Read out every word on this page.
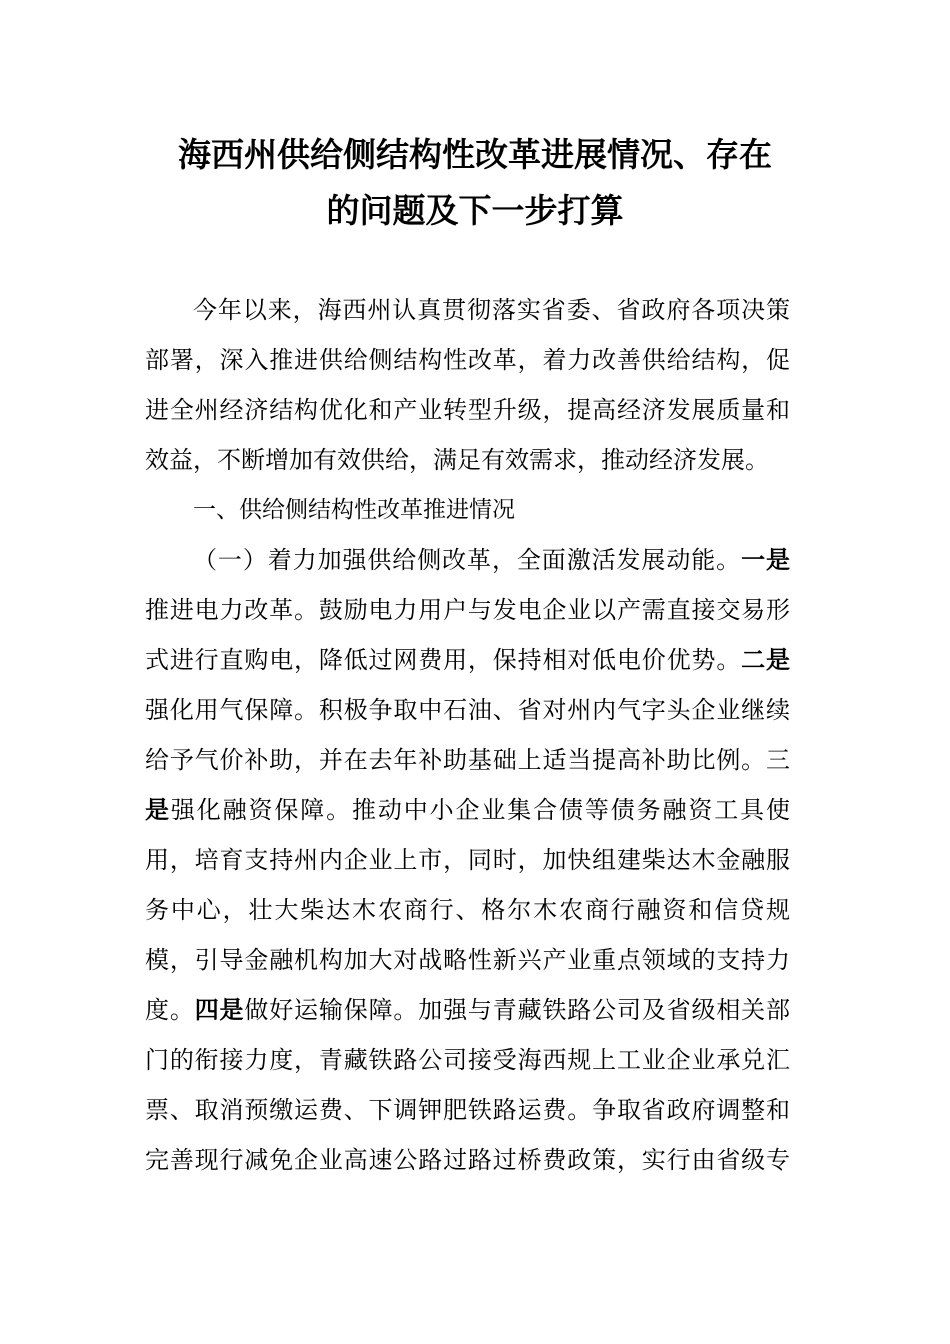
海西州供给侧结构性改革进展情况、存在
的问题及下一步打算
今年以来，海西州认真贯彻落实省委、省政府各项决策
部署，深入推进供给侧结构性改革，着力改善供给结构，促
进全州经济结构优化和产业转型升级，提高经济发展质量和
效益，不断增加有效供给，满足有效需求，推动经济发展。
（一）着力加强供给侧改革，全面激活发展动能。一是
推进电力改革。鼓励电力用户与发电企业以产需直接交易形
式进行直购电，降低过网费用，保持相对低电价优势。二是
强化用气保障。积极争取中石油、省对州内气字头企业继续
给予气价补助，并在去年补助基础上适当提高补助比例。三
是强化融资保障。推动中小企业集合债等债务融资工具使
用，培育支持州内企业上市，同时，加快组建柴达木金融服
务中心，壮大柴达木农商行、格尔木农商行融资和信贷规
模，引导金融机构加大对战略性新兴产业重点领域的支持力
度。四是做好运输保障。加强与青藏铁路公司及省级相关部
门的衔接力度，青藏铁路公司接受海西规上工业企业承兑汇
票、取消预缴运费、下调钾肥铁路运费。争取省政府调整和
完善现行减免企业高速公路过路过桥费政策，实行由省级专
一、供给侧结构性改革推进情况
